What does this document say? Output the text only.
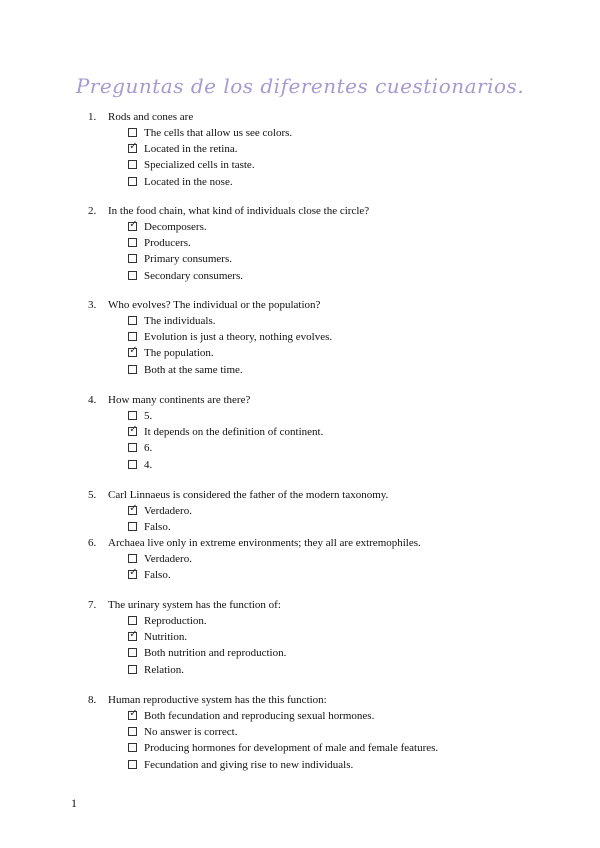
Preguntas de los diferentes cuestionarios.
1.	Rods and cones are
The cells that allow us see colors.
✓ Located in the retina.
Specialized cells in taste.
Located in the nose.
2.	In the food chain, what kind of individuals close the circle?
✓ Decomposers.
Producers.
Primary consumers.
Secondary consumers.
3.	Who evolves? The individual or the population?
The individuals.
Evolution is just a theory, nothing evolves.
✓ The population.
Both at the same time.
4.	How many continents are there?
5.
✓ It depends on the definition of continent.
6.
4.
5.	Carl Linnaeus is considered the father of the modern taxonomy.
✓ Verdadero.
Falso.
6.	Archaea live only in extreme environments; they all are extremophiles.
Verdadero.
✓ Falso.
7.	The urinary system has the function of:
Reproduction.
✓ Nutrition.
Both nutrition and reproduction.
Relation.
8.	Human reproductive system has the this function:
✓ Both fecundation and reproducing sexual hormones.
No answer is correct.
Producing hormones for development of male and female features.
Fecundation and giving rise to new individuals.
1
